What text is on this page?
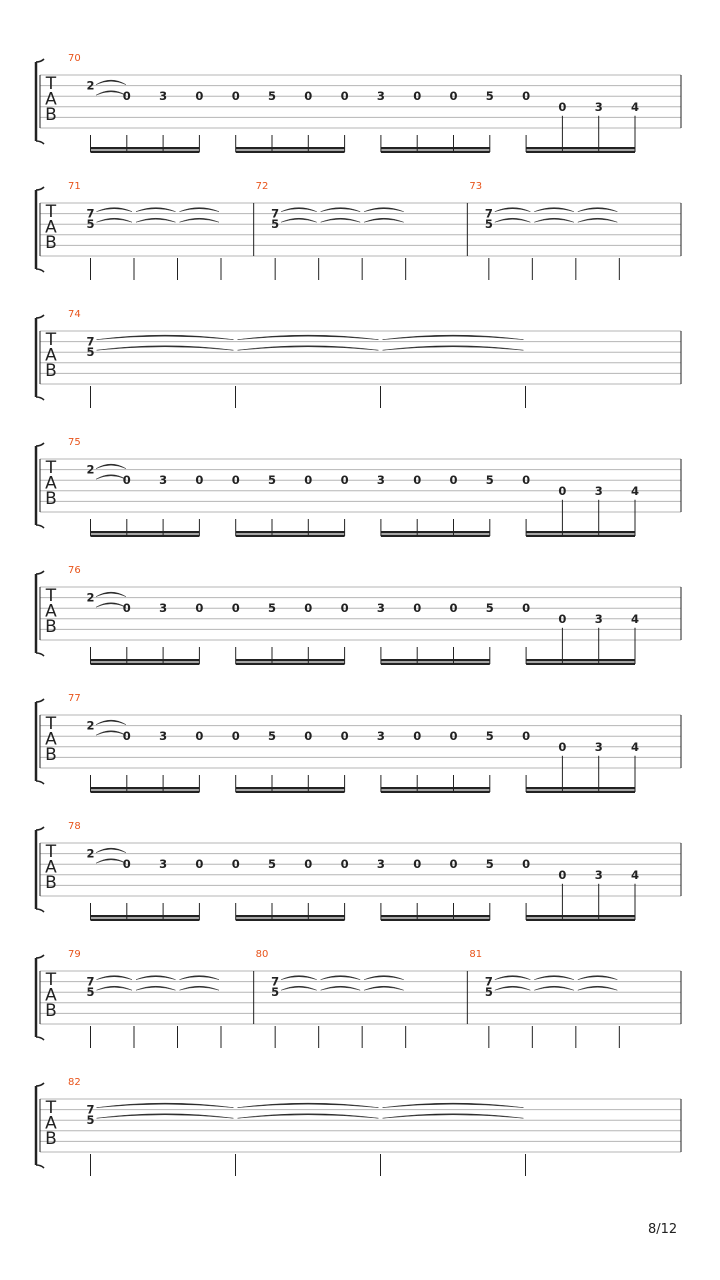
T
A
B
70
2
0 3 0 0 5 0 0 3 0 0 5 0
0 3 4
T
A
B
71
7
5
72
7
5
73
7
5
T
A
B
74
7
5
T
A
B
75
2
0 3 0 0 5 0 0 3 0 0 5 0
0 3 4
T
A
B
76
2
0 3 0 0 5 0 0 3 0 0 5 0
0 3 4
T
A
B
77
2
0 3 0 0 5 0 0 3 0 0 5 0
0 3 4
T
A
B
78
2
0 3 0 0 5 0 0 3 0 0 5 0
0 3 4
T
A
B
79
7
5
80
7
5
81
7
5
T
A
B
82
7
5
8/12
